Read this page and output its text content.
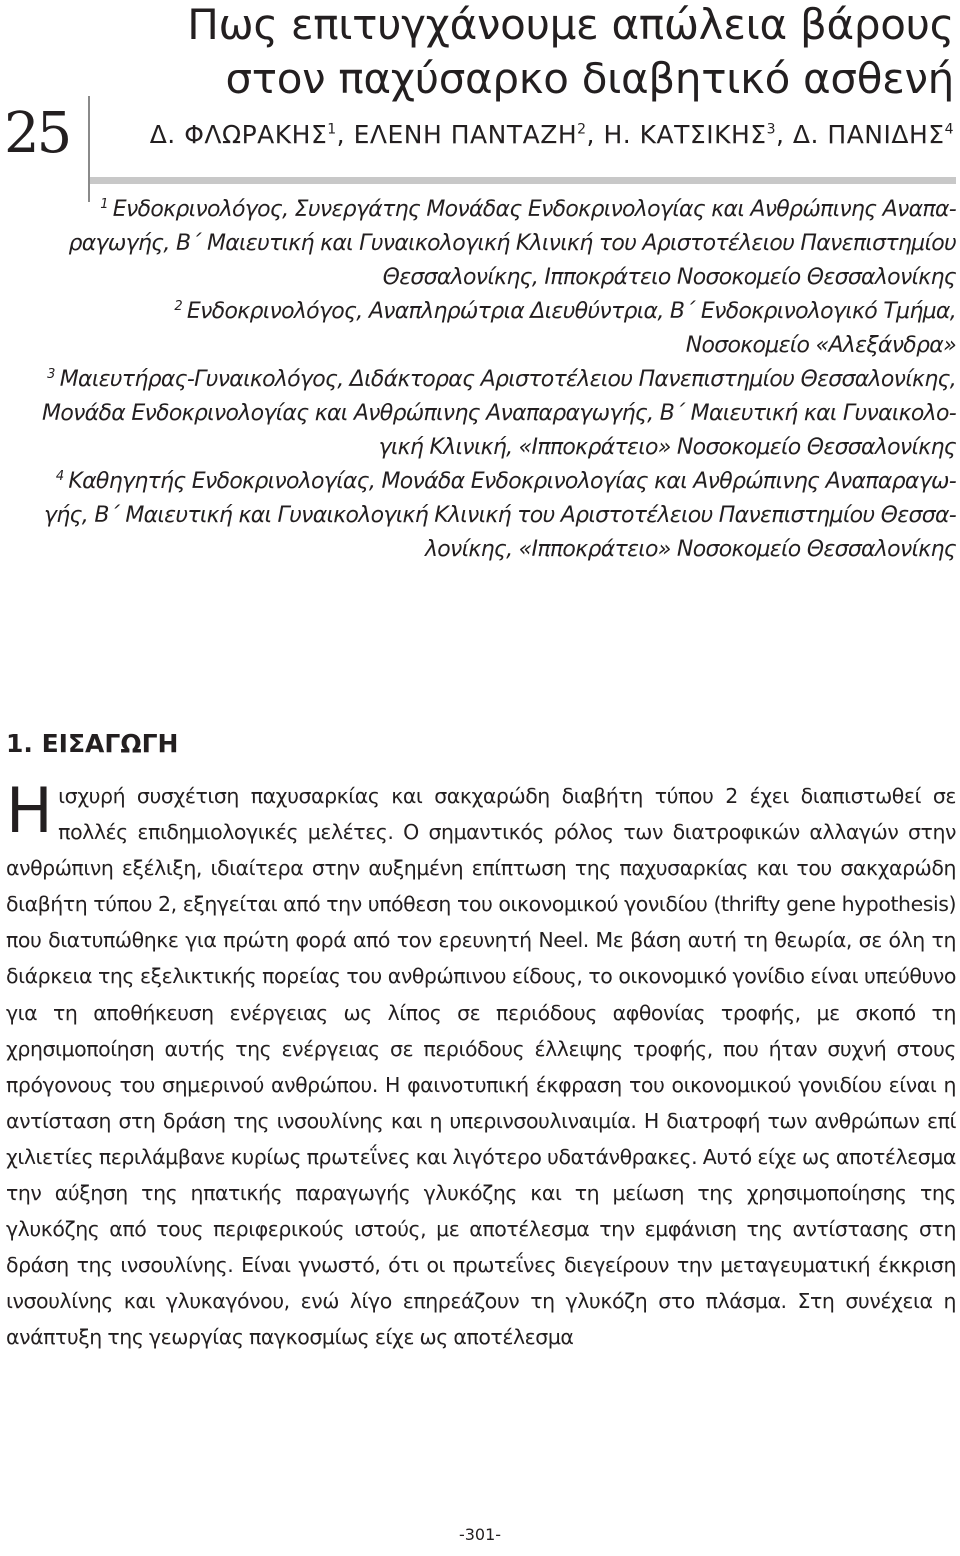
Πως επιτυγχάνουμε απώλεια βάρους
στον παχύσαρκο διαβητικό ασθενή
25	Δ. ΦΛΩΡΑΚΗΣ$^1$, ΕΛΕΝΗ ΠΑΝΤΑΖΗ$^2$, Η. ΚΑΤΣΙΚΗΣ$^3$, Δ. ΠΑΝΙΔΗΣ$^4$

$^1$ Ενδοκρινολόγος, Συνεργάτης Μονάδας Ενδοκρινολογίας και Ανθρώπινης Αναπα-
ραγωγής, Β΄ Μαιευτική και Γυναικολογική Κλινική του Αριστοτέλειου Πανεπιστημίου
Θεσσαλονίκης, Ιπποκράτειο Νοσοκομείο Θεσσαλονίκης

$^2$ Ενδοκρινολόγος, Αναπληρώτρια Διευθύντρια, Β΄ Ενδοκρινολογικό Τμήμα,
Νοσοκομείο «Αλεξάνδρα»

$^3$ Μαιευτήρας-Γυναικολόγος, Διδάκτορας Αριστοτέλειου Πανεπιστημίου Θεσσαλονίκης,
Μονάδα Ενδοκρινολογίας και Ανθρώπινης Αναπαραγωγής, Β΄ Μαιευτική και Γυναικολο-
γική Κλινική, «Ιπποκράτειο» Νοσοκομείο Θεσσαλονίκης

$^4$ Καθηγητής Ενδοκρινολογίας, Μονάδα Ενδοκρινολογίας και Ανθρώπινης Αναπαραγω-
γής, Β΄ Μαιευτική και Γυναικολογική Κλινική του Αριστοτέλειου Πανεπιστημίου Θεσσα-
λονίκης, «Ιπποκράτειο» Νοσοκομείο Θεσσαλονίκης

1. ΕΙΣΑΓΩΓΗ

Η ισχυρή συσχέτιση παχυσαρκίας και σακχαρώδη διαβήτη τύπου 2 έχει διαπιστωθεί σε πολλές επιδημιολογικές μελέτες. Ο σημαντικός ρόλος των διατροφικών αλλαγών στην ανθρώπινη εξέλιξη, ιδιαίτερα στην αυξημένη επίπτωση της παχυσαρκίας και του σακχαρώδη διαβήτη τύπου 2, εξηγείται από την υπόθεση του οικονομικού γονιδίου (thrifty gene hypothesis) που διατυπώθηκε για πρώτη φορά από τον ερευνητή Neel. Με βάση αυτή τη θεωρία, σε όλη τη διάρκεια της εξελικτικής πορείας του ανθρώπινου είδους, το οικονομικό γονίδιο είναι υπεύθυνο για τη αποθήκευση ενέργειας ως λίπος σε περιόδους αφθονίας τροφής, με σκοπό τη χρησιμοποίηση αυτής της ενέργειας σε περιόδους έλλειψης τροφής, που ήταν συχνή στους πρόγονους του σημερινού ανθρώπου. Η φαινοτυπική έκφραση του οικονομικού γονιδίου είναι η αντίσταση στη δράση της ινσουλίνης και η υπερινσουλιναιμία. Η διατροφή των ανθρώπων επί χιλιετίες περιλάμβανε κυρίως πρωτεΐνες και λιγότερο υδατάνθρακες. Αυτό είχε ως αποτέλεσμα την αύξηση της ηπατικής παραγωγής γλυκόζης και τη μείωση της χρησιμοποίησης της γλυκόζης από τους περιφερικούς ιστούς, με αποτέλεσμα την εμφάνιση της αντίστασης στη δράση της ινσουλίνης. Είναι γνωστό, ότι οι πρωτεΐνες διεγείρουν την μεταγευματική έκκριση ινσουλίνης και γλυκαγόνου, ενώ λίγο επηρεάζουν τη γλυκόζη στο πλάσμα. Στη συνέχεια η ανάπτυξη της γεωργίας παγκοσμίως είχε ως αποτέλεσμα

-301-
